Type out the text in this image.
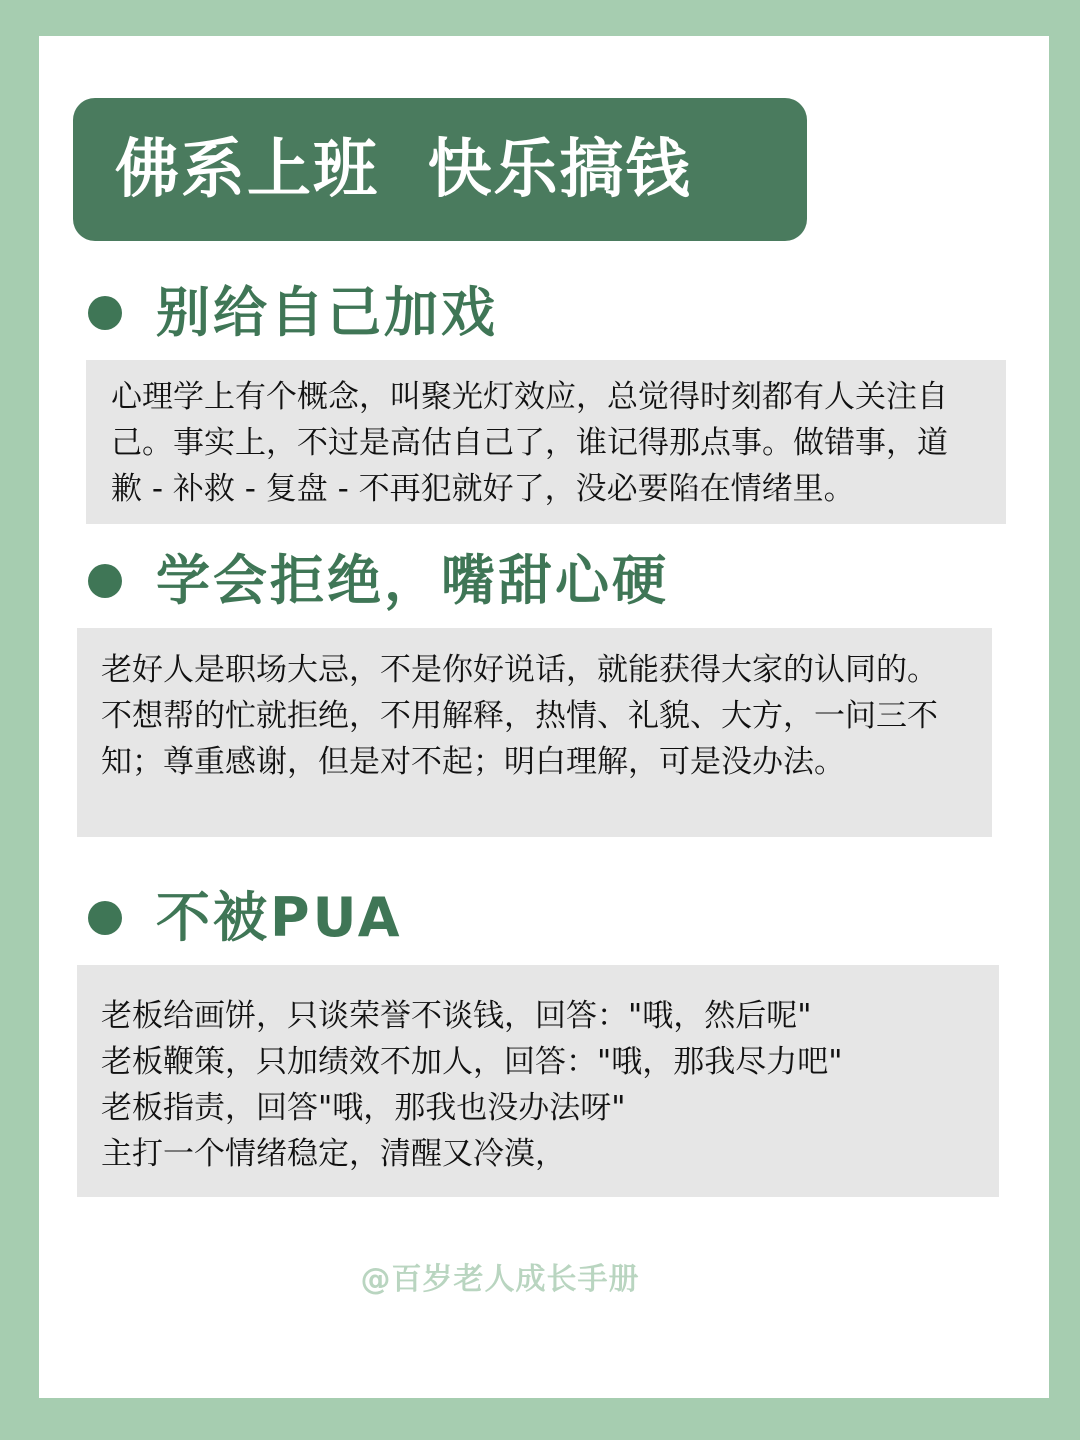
佛系上班  快乐搞钱
别给自己加戏
心理学上有个概念，叫聚光灯效应，总觉得时刻都有人关注自
己。事实上，不过是高估自己了，谁记得那点事。做错事，道
歉 - 补救 - 复盘 - 不再犯就好了，没必要陷在情绪里。
学会拒绝，嘴甜心硬
老好人是职场大忌，不是你好说话，就能获得大家的认同的。
不想帮的忙就拒绝，不用解释，热情、礼貌、大方，一问三不
知；尊重感谢，但是对不起；明白理解，可是没办法。
不被PUA
老板给画饼，只谈荣誉不谈钱，回答："哦，然后呢"
老板鞭策，只加绩效不加人，回答："哦，那我尽力吧"
老板指责，回答"哦，那我也没办法呀"
主打一个情绪稳定，清醒又冷漠，
@百岁老人成长手册
